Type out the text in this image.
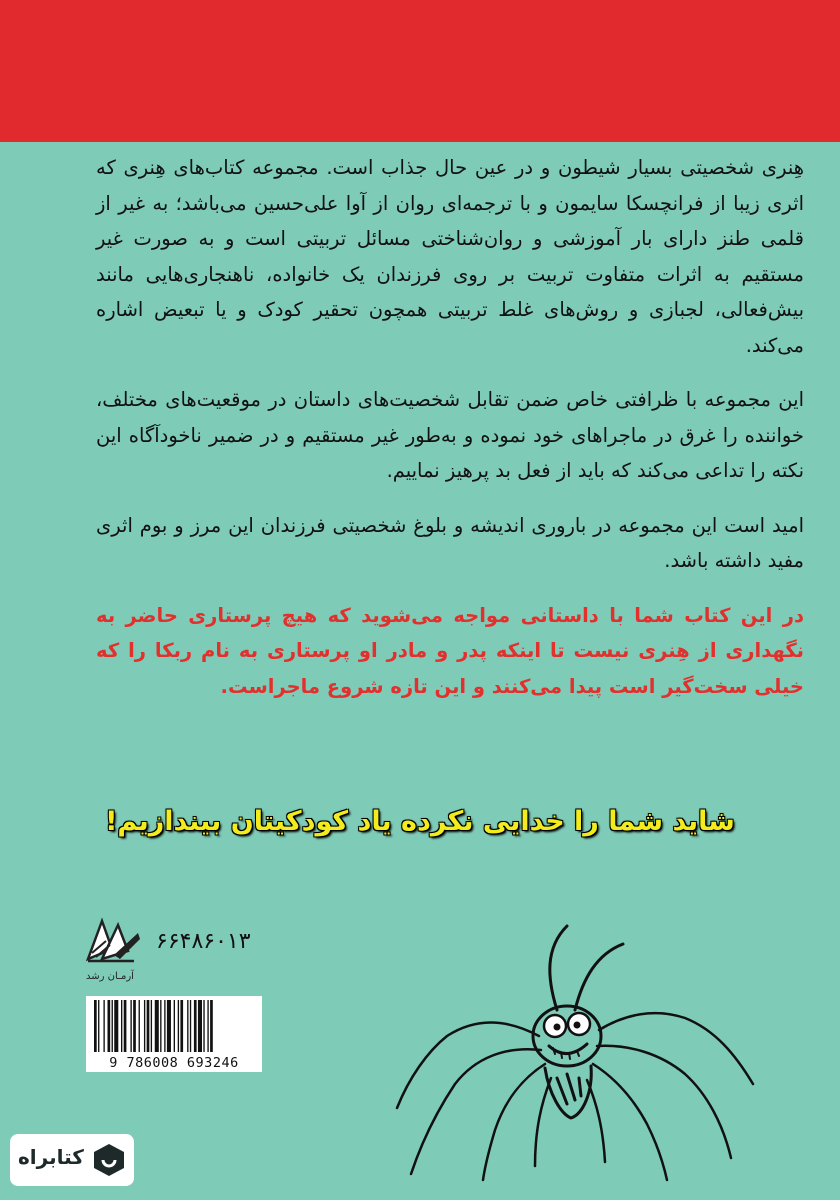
هِنری شخصیتی بسیار شیطون و در عین حال جذاب است. مجموعه کتاب‌های هِنری که اثری زیبا از فرانچسکا سایمون و با ترجمه‌ای روان از آوا علی‌حسین می‌باشد؛ به غیر از قلمی طنز دارای بار آموزشی و روان‌شناختی مسائل تربیتی است و به صورت غیر مستقیم به اثرات متفاوت تربیت بر روی فرزندان یک خانواده، ناهنجاری‌هایی مانند بیش‌فعالی، لجبازی و روش‌های غلط تربیتی همچون تحقیر کودک و یا تبعیض اشاره می‌کند.

این مجموعه با ظرافتی خاص ضمن تقابل شخصیت‌های داستان در موقعیت‌های مختلف، خواننده را غرق در ماجراهای خود نموده و به‌طور غیر مستقیم و در ضمیر ناخودآگاه این نکته را تداعی می‌کند که باید از فعل بد پرهیز نماییم.

امید است این مجموعه در باروری اندیشه و بلوغ شخصیتی فرزندان این مرز و بوم اثری مفید داشته باشد.

در این کتاب شما با داستانی مواجه می‌شوید که هیچ پرستاری حاضر به نگهداری از هِنری نیست تا اینکه پدر و مادر او پرستاری به نام ربکا را که خیلی سخت‌گیر است پیدا می‌کنند و این تازه شروع ماجراست.

شاید شما را خدایی نکرده یاد کودکیتان بیندازیم!
۶۶۴۸۶۰۱۳
آرمـان رشد
9 786008 693246
کتابراه
